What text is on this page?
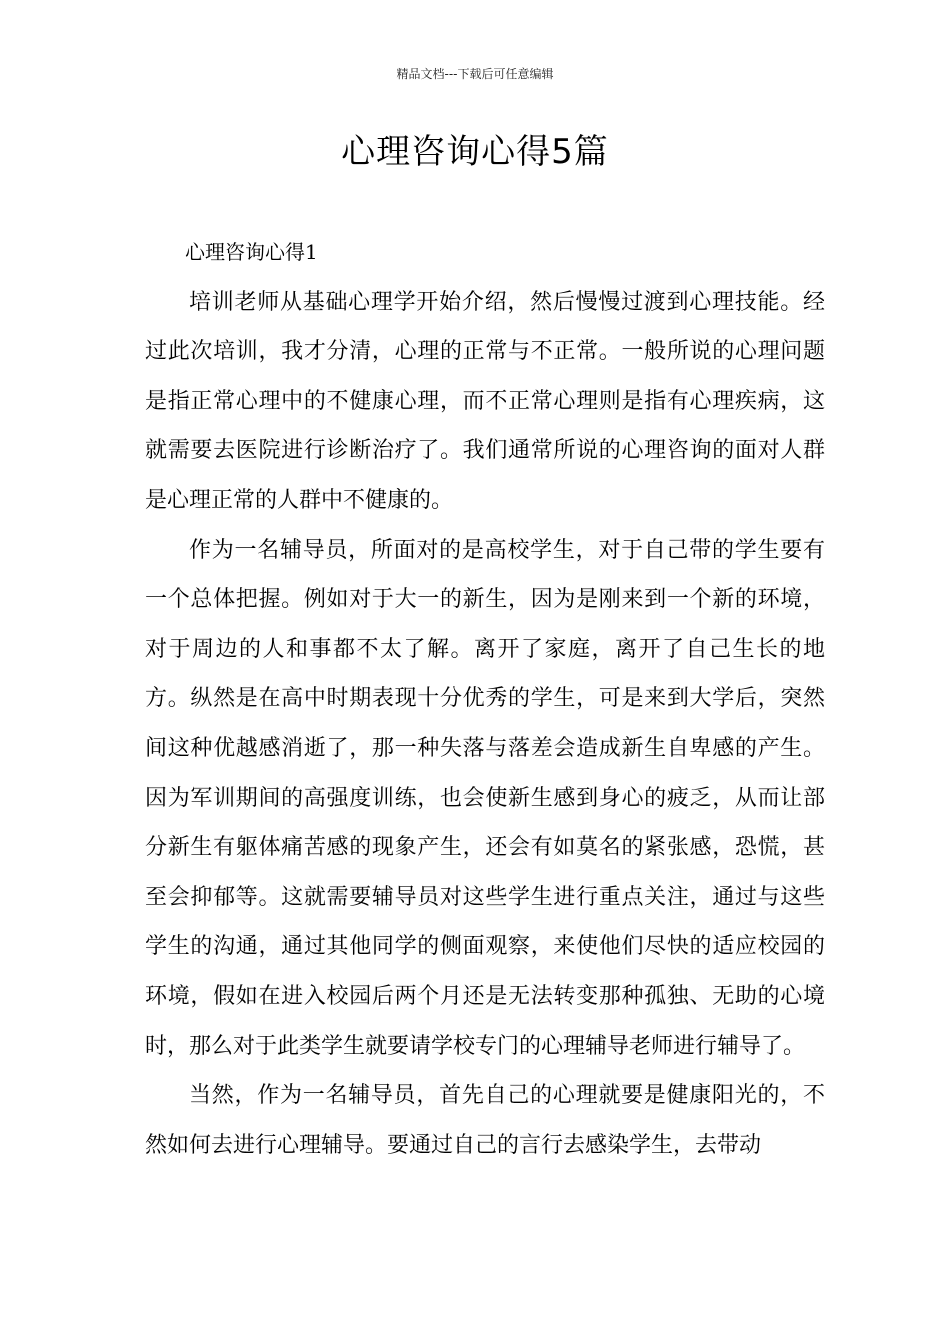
精品文档---下载后可任意编辑
心理咨询心得5篇

心理咨询心得1

培训老师从基础心理学开始介绍，然后慢慢过渡到心理技能。经过此次培训，我才分清，心理的正常与不正常。一般所说的心理问题是指正常心理中的不健康心理，而不正常心理则是指有心理疾病，这就需要去医院进行诊断治疗了。我们通常所说的心理咨询的面对人群是心理正常的人群中不健康的。

作为一名辅导员，所面对的是高校学生，对于自己带的学生要有一个总体把握。例如对于大一的新生，因为是刚来到一个新的环境，对于周边的人和事都不太了解。离开了家庭，离开了自己生长的地方。纵然是在高中时期表现十分优秀的学生，可是来到大学后，突然间这种优越感消逝了，那一种失落与落差会造成新生自卑感的产生。因为军训期间的高强度训练，也会使新生感到身心的疲乏，从而让部分新生有躯体痛苦感的现象产生，还会有如莫名的紧张感，恐慌，甚至会抑郁等。这就需要辅导员对这些学生进行重点关注，通过与这些学生的沟通，通过其他同学的侧面观察，来使他们尽快的适应校园的环境，假如在进入校园后两个月还是无法转变那种孤独、无助的心境时，那么对于此类学生就要请学校专门的心理辅导老师进行辅导了。

当然，作为一名辅导员，首先自己的心理就要是健康阳光的，不然如何去进行心理辅导。要通过自己的言行去感染学生，去带动
